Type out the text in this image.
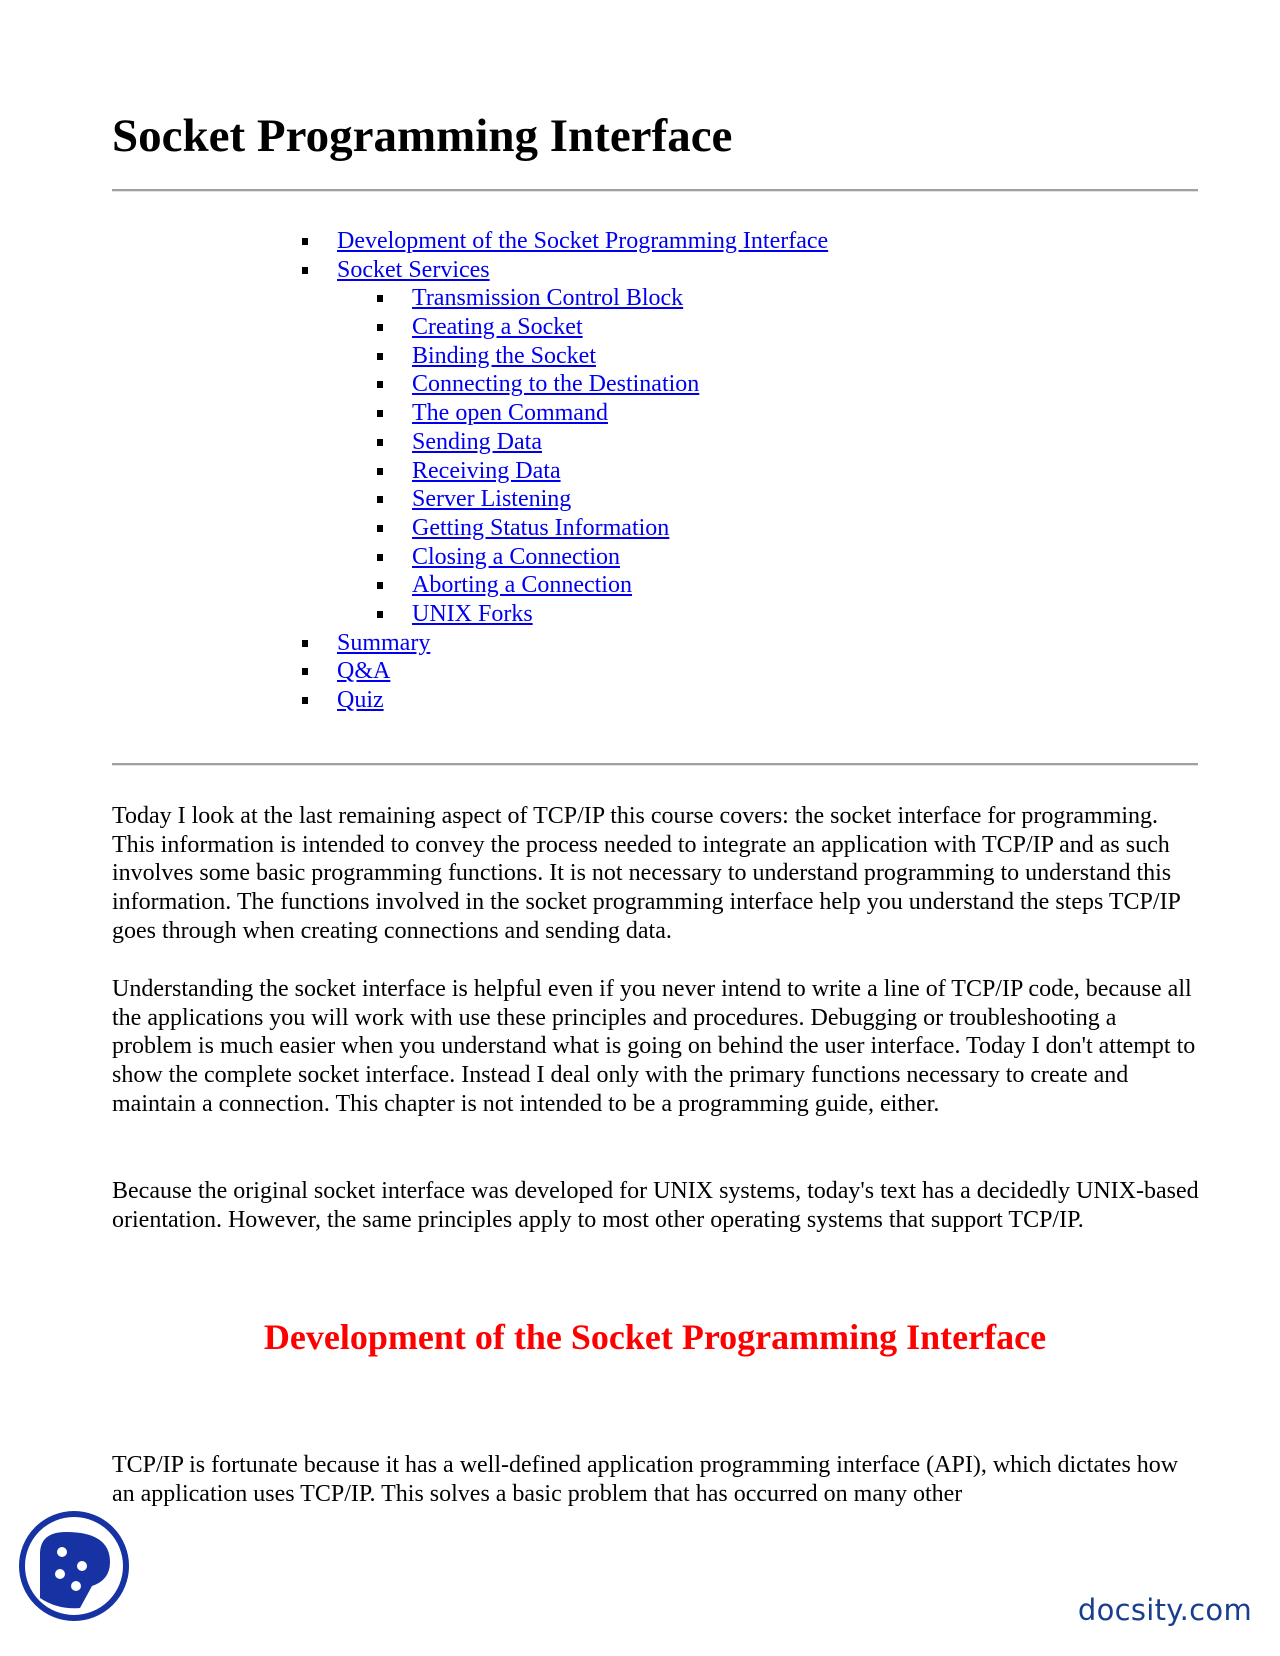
Socket Programming Interface
Development of the Socket Programming Interface
Socket Services
Transmission Control Block
Creating a Socket
Binding the Socket
Connecting to the Destination
The open Command
Sending Data
Receiving Data
Server Listening
Getting Status Information
Closing a Connection
Aborting a Connection
UNIX Forks
Summary
Q&A
Quiz

Today I look at the last remaining aspect of TCP/IP this course covers: the socket interface for programming. This information is intended to convey the process needed to integrate an application with TCP/IP and as such involves some basic programming functions. It is not necessary to understand programming to understand this information. The functions involved in the socket programming interface help you understand the steps TCP/IP goes through when creating connections and sending data.

Understanding the socket interface is helpful even if you never intend to write a line of TCP/IP code, because all the applications you will work with use these principles and procedures. Debugging or troubleshooting a problem is much easier when you understand what is going on behind the user interface. Today I don't attempt to show the complete socket interface. Instead I deal only with the primary functions necessary to create and maintain a connection. This chapter is not intended to be a programming guide, either.

Because the original socket interface was developed for UNIX systems, today's text has a decidedly UNIX-based orientation. However, the same principles apply to most other operating systems that support TCP/IP.

Development of the Socket Programming Interface

TCP/IP is fortunate because it has a well-defined application programming interface (API), which dictates how an application uses TCP/IP. This solves a basic problem that has occurred on many other

docsity.com
